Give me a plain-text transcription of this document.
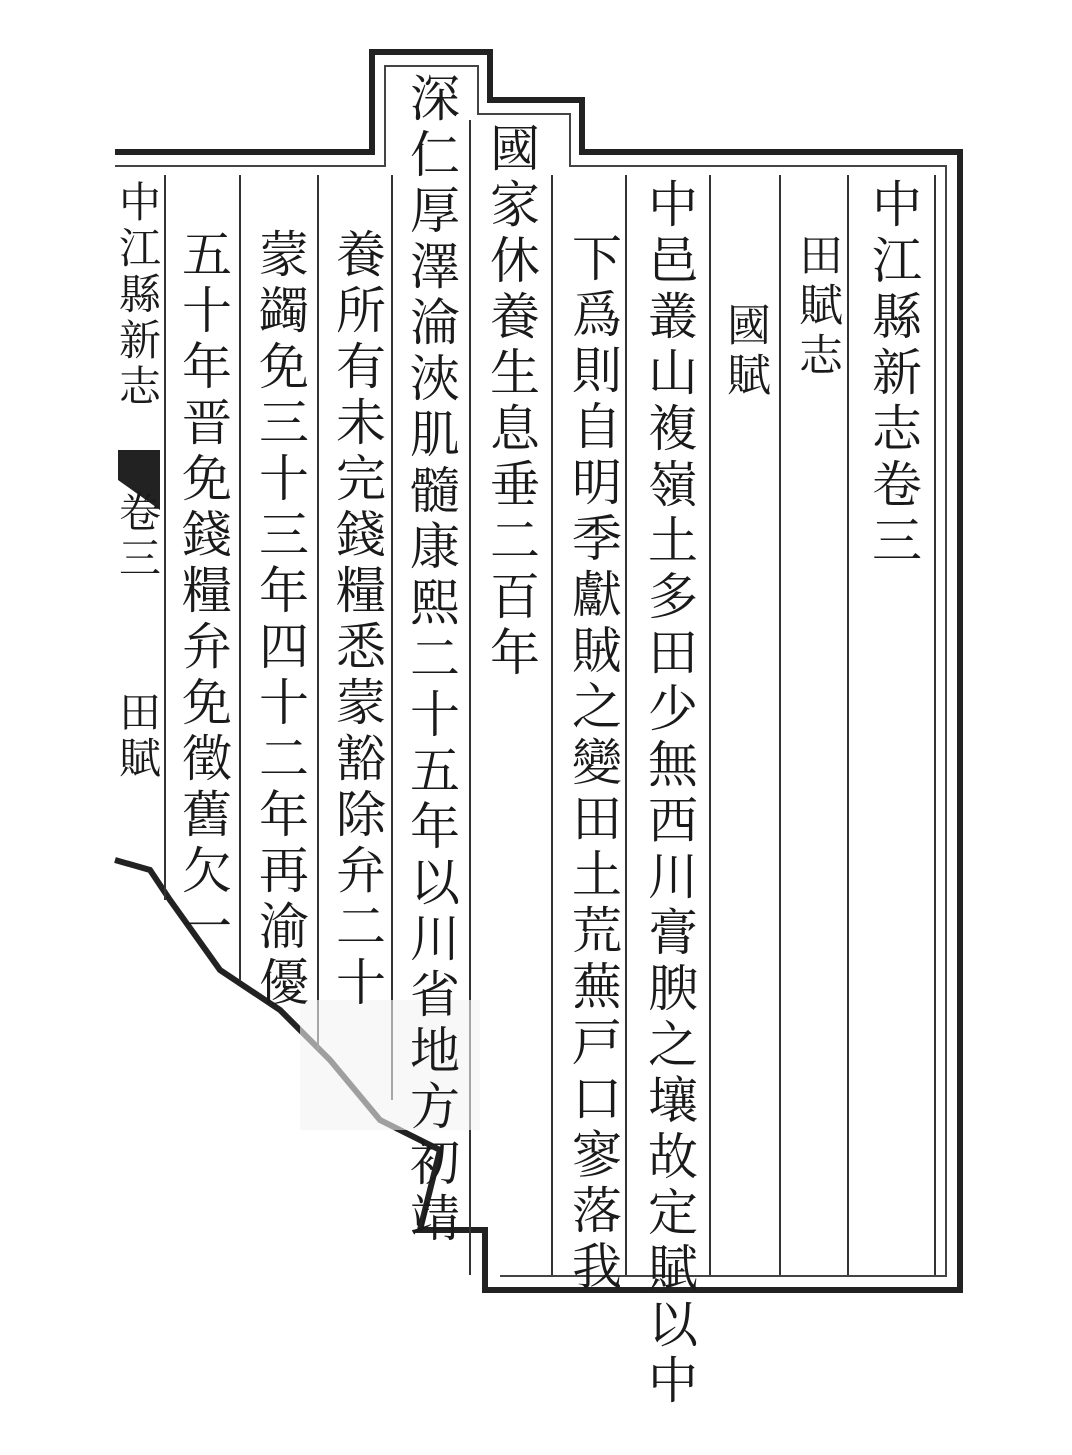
中江縣新志卷三
田賦志
國賦
中邑叢山複嶺土多田少無西川膏腴之壤故定賦以中
下爲則自明季獻賊之變田土荒蕪戸口寥落我
國家休養生息垂二百年
深仁厚澤淪浹肌髓康熙二十五年以川省地方初靖
養所有未完錢糧悉蒙豁除弁二十
蒙蠲免三十三年四十二年再渝優
五十年晋免錢糧弁免徵舊欠一
中江縣新志
卷三
田賦
